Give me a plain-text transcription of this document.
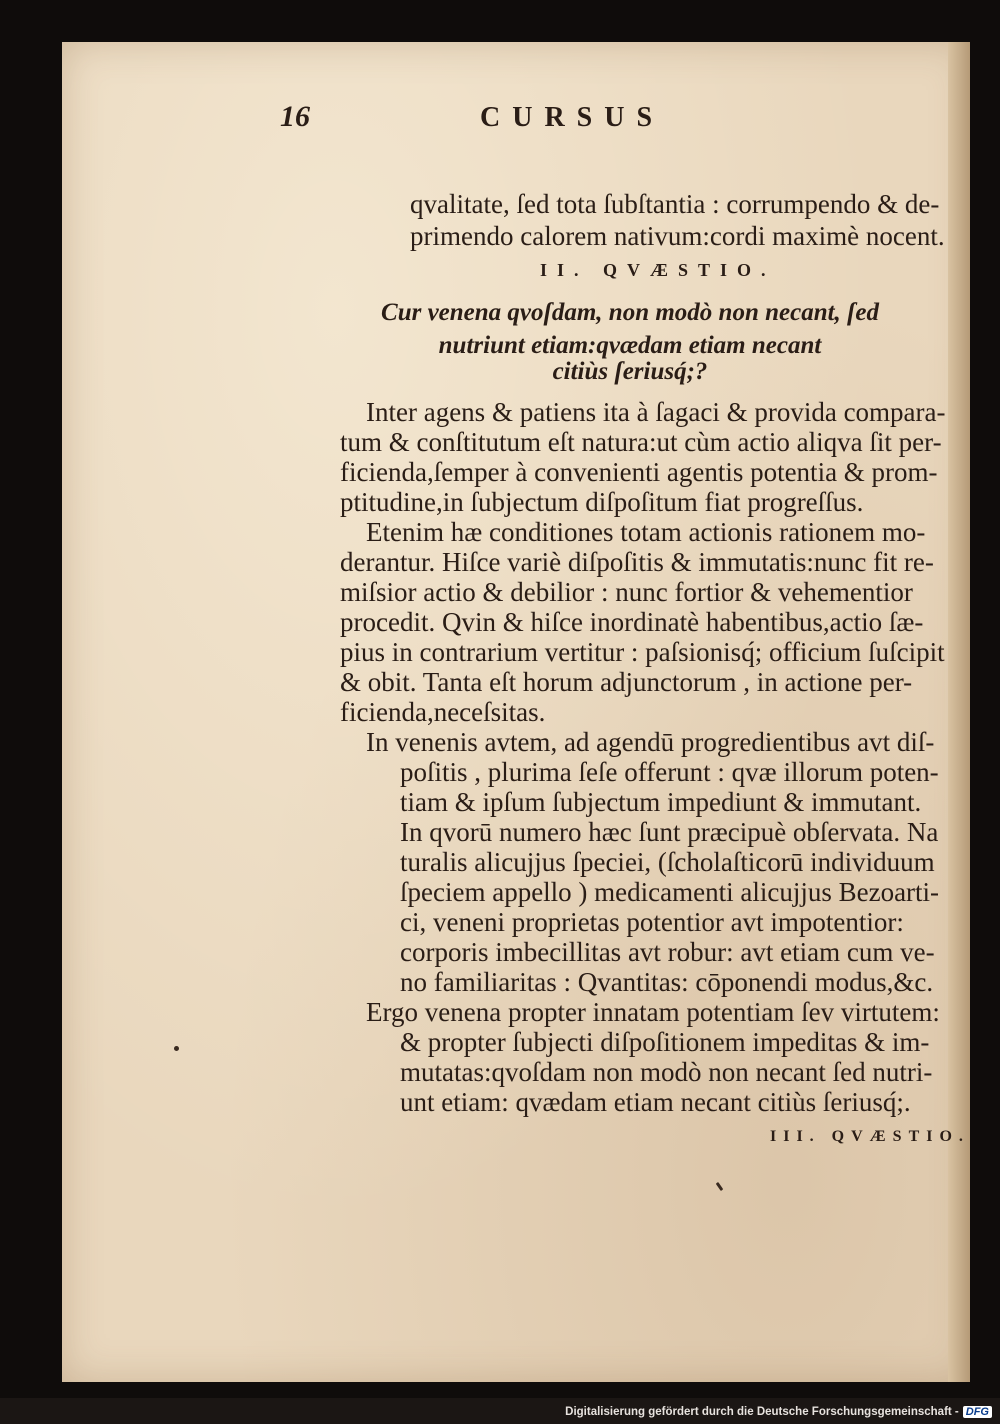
16	CURSUS
qvalitate, ſed tota ſubſtantia : corrumpendo & de-
primendo calorem nativum:cordi maximè nocent.
II. QVÆSTIO.
Cur venena qvoſdam, non modò non necant, ſed
nutriunt etiam:qvædam etiam necant
citiùs ſeriusq́;?
Inter agens & patiens ita à ſagaci & provida compara-
tum & conſtitutum eſt natura:ut cùm actio aliqva ſit per-
ficienda,ſemper à convenienti agentis potentia & prom-
ptitudine,in ſubjectum diſpoſitum fiat progreſſus.
Etenim hæ conditiones totam actionis rationem mo-
derantur. Hiſce variè diſpoſitis & immutatis:nunc fit re-
miſsior actio & debilior : nunc fortior & vehementior
procedit. Qvin & hiſce inordinatè habentibus,actio ſæ-
pius in contrarium vertitur : paſsionisq́; officium ſuſcipit
& obit. Tanta eſt horum adjunctorum , in actione per-
ficienda,neceſsitas.
In venenis avtem, ad agendū progredientibus avt diſ-
poſitis , plurima ſeſe offerunt : qvæ illorum poten-
tiam & ipſum ſubjectum impediunt & immutant.
In qvorū numero hæc ſunt præcipuè obſervata. Na
turalis alicujjus ſpeciei, (ſcholaſticorū individuum
ſpeciem appello ) medicamenti alicujjus Bezoarti-
ci, veneni proprietas potentior avt impotentior:
corporis imbecillitas avt robur: avt etiam cum ve-
no familiaritas : Qvantitas: cōponendi modus,&c.
Ergo venena propter innatam potentiam ſev virtutem:
& propter ſubjecti diſpoſitionem impeditas & im-
mutatas:qvoſdam non modò non necant ſed nutri-
unt etiam: qvædam etiam necant citiùs ſeriusq́;.
III. QVÆSTIO.
Digitalisierung gefördert durch die Deutsche Forschungsgemeinschaft - DFG
